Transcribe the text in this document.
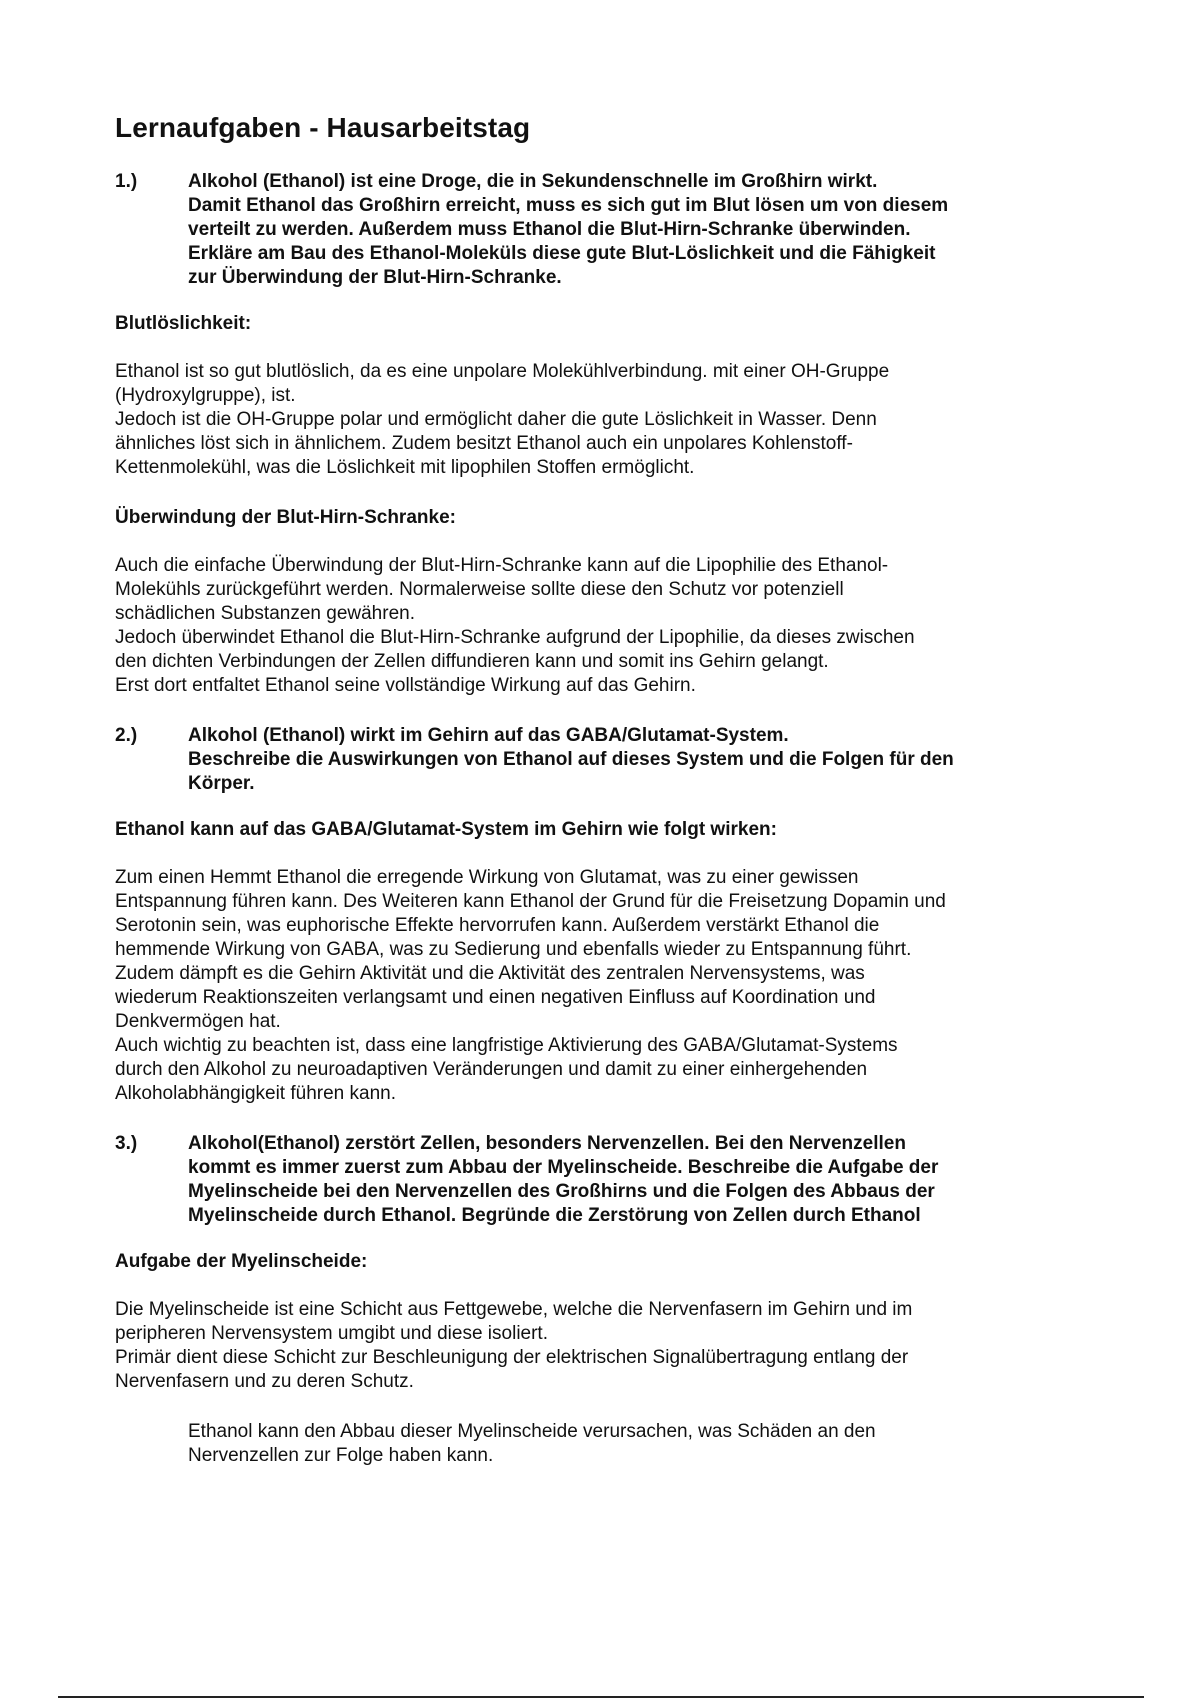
Lernaufgaben - Hausarbeitstag
1.)	Alkohol (Ethanol) ist eine Droge, die in Sekundenschnelle im Großhirn wirkt.
Damit Ethanol das Großhirn erreicht, muss es sich gut im Blut lösen um von diesem
verteilt zu werden. Außerdem muss Ethanol die Blut-Hirn-Schranke überwinden.
Erkläre am Bau des Ethanol-Moleküls diese gute Blut-Löslichkeit und die Fähigkeit
zur Überwindung der Blut-Hirn-Schranke.
Blutlöslichkeit:
Ethanol ist so gut blutlöslich, da es eine unpolare Molekühlverbindung. mit einer OH-Gruppe
(Hydroxylgruppe), ist.
Jedoch ist die OH-Gruppe polar und ermöglicht daher die gute Löslichkeit in Wasser. Denn
ähnliches löst sich in ähnlichem. Zudem besitzt Ethanol auch ein unpolares Kohlenstoff-
Kettenmolekühl, was die Löslichkeit mit lipophilen Stoffen ermöglicht.
Überwindung der Blut-Hirn-Schranke:
Auch die einfache Überwindung der Blut-Hirn-Schranke kann auf die Lipophilie des Ethanol-
Molekühls zurückgeführt werden. Normalerweise sollte diese den Schutz vor potenziell
schädlichen Substanzen gewähren.
Jedoch überwindet Ethanol die Blut-Hirn-Schranke aufgrund der Lipophilie, da dieses zwischen
den dichten Verbindungen der Zellen diffundieren kann und somit ins Gehirn gelangt.
Erst dort entfaltet Ethanol seine vollständige Wirkung auf das Gehirn.
2.)	Alkohol (Ethanol) wirkt im Gehirn auf das GABA/Glutamat-System.
Beschreibe die Auswirkungen von Ethanol auf dieses System und die Folgen für den
Körper.
Ethanol kann auf das GABA/Glutamat-System im Gehirn wie folgt wirken:
Zum einen Hemmt Ethanol die erregende Wirkung von Glutamat, was zu einer gewissen
Entspannung führen kann. Des Weiteren kann Ethanol der Grund für die Freisetzung Dopamin und
Serotonin sein, was euphorische Effekte hervorrufen kann. Außerdem verstärkt Ethanol die
hemmende Wirkung von GABA, was zu Sedierung und ebenfalls wieder zu Entspannung führt.
Zudem dämpft es die Gehirn Aktivität und die Aktivität des zentralen Nervensystems, was
wiederum Reaktionszeiten verlangsamt und einen negativen Einfluss auf Koordination und
Denkvermögen hat.
Auch wichtig zu beachten ist, dass eine langfristige Aktivierung des GABA/Glutamat-Systems
durch den Alkohol zu neuroadaptiven Veränderungen und damit zu einer einhergehenden
Alkoholabhängigkeit führen kann.
3.)	Alkohol(Ethanol) zerstört Zellen, besonders Nervenzellen. Bei den Nervenzellen
kommt es immer zuerst zum Abbau der Myelinscheide. Beschreibe die Aufgabe der
Myelinscheide bei den Nervenzellen des Großhirns und die Folgen des Abbaus der
Myelinscheide durch Ethanol. Begründe die Zerstörung von Zellen durch Ethanol
Aufgabe der Myelinscheide:
Die Myelinscheide ist eine Schicht aus Fettgewebe, welche die Nervenfasern im Gehirn und im
peripheren Nervensystem umgibt und diese isoliert.
Primär dient diese Schicht zur Beschleunigung der elektrischen Signalübertragung entlang der
Nervenfasern und zu deren Schutz.
Ethanol kann den Abbau dieser Myelinscheide verursachen, was Schäden an den
Nervenzellen zur Folge haben kann.
